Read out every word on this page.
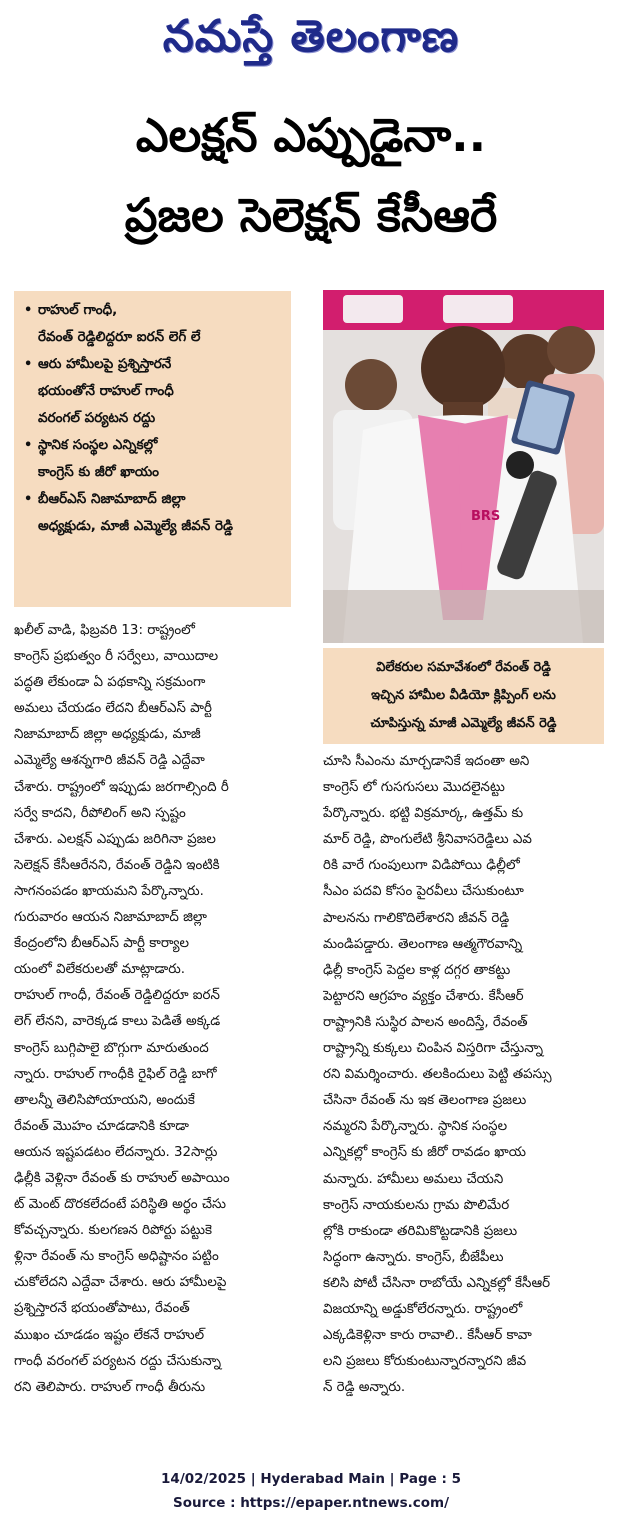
నమస్తే తెలంగాణ
ఎలక్షన్ ఎప్పుడైనా..
ప్రజల సెలెక్షన్ కేసీఆరే
• రాహుల్ గాంధీ,
రేవంత్ రెడ్డిలిద్దరూ ఐరన్ లెగ్ లే
• ఆరు హామీలపై ప్రశ్నిస్తారనే
భయంతోనే రాహుల్ గాంధీ
వరంగల్ పర్యటన రద్దు
• స్థానిక సంస్థల ఎన్నికల్లో
కాంగ్రెస్ కు జీరో ఖాయం
• బీఆర్ఎస్ నిజామాబాద్ జిల్లా
అధ్యక్షుడు, మాజీ ఎమ్మెల్యే జీవన్ రెడ్డి
BRS
విలేకరుల సమావేశంలో రేవంత్ రెడ్డి
ఇచ్చిన హామీల వీడియో క్లిప్పింగ్ లను
చూపిస్తున్న మాజీ ఎమ్మెల్యే జీవన్ రెడ్డి
ఖలీల్ వాడి, ఫిబ్రవరి 13: రాష్ట్రంలో
కాంగ్రెస్ ప్రభుత్వం రీ సర్వేలు, వాయిదాల
పద్ధతి లేకుండా ఏ పథకాన్ని సక్రమంగా
అమలు చేయడం లేదని బీఆర్ఎస్ పార్టీ
నిజామాబాద్ జిల్లా అధ్యక్షుడు, మాజీ
ఎమ్మెల్యే ఆశన్నగారి జీవన్ రెడ్డి ఎద్దేవా
చేశారు. రాష్ట్రంలో ఇప్పుడు జరగాల్సింది రీ
సర్వే కాదని, రీపోలింగ్ అని స్పష్టం
చేశారు. ఎలక్షన్ ఎప్పుడు జరిగినా ప్రజల
సెలెక్షన్ కేసీఆరేనని, రేవంత్ రెడ్డిని ఇంటికి
సాగనంపడం ఖాయమని పేర్కొన్నారు.
గురువారం ఆయన నిజామాబాద్ జిల్లా
కేంద్రంలోని బీఆర్ఎస్ పార్టీ కార్యాల
యంలో విలేకరులతో మాట్లాడారు.
రాహుల్ గాంధీ, రేవంత్ రెడ్డిలిద్దరూ ఐరన్
లెగ్ లేనని, వారెక్కడ కాలు పెడితే అక్కడ
కాంగ్రెస్ బుగ్గిపాలై బొగ్గుగా మారుతుంద
న్నారు. రాహుల్ గాంధీకి రైఫిల్ రెడ్డి బాగో
తాలన్నీ తెలిసిపోయాయని, అందుకే
రేవంత్ మొహం చూడడానికి కూడా
ఆయన ఇష్టపడటం లేదన్నారు. 32సార్లు
ఢిల్లీకి వెళ్లినా రేవంత్ కు రాహుల్ అపాయిం
ట్ మెంట్ దొరకలేదంటే పరిస్థితి అర్థం చేసు
కోవచ్చన్నారు. కులగణన రిపోర్టు పట్టుకె
ళ్లినా రేవంత్ ను కాంగ్రెస్ అధిష్టానం పట్టిం
చుకోలేదని ఎద్దేవా చేశారు. ఆరు హామీలపై
ప్రశ్నిస్తారనే భయంతోపాటు, రేవంత్
ముఖం చూడడం ఇష్టం లేకనే రాహుల్
గాంధీ వరంగల్ పర్యటన రద్దు చేసుకున్నా
రని తెలిపారు. రాహుల్ గాంధీ తీరును
చూసి సీఎంను మార్చడానికే ఇదంతా అని
కాంగ్రెస్ లో గుసగుసలు మొదలైనట్టు
పేర్కొన్నారు. భట్టి విక్రమార్క, ఉత్తమ్ కు
మార్ రెడ్డి, పొంగులేటి శ్రీనివాసరెడ్డిలు ఎవ
రికి వారే గుంపులుగా విడిపోయి ఢిల్లీలో
సీఎం పదవి కోసం పైరవీలు చేసుకుంటూ
పాలనను గాలికొదిలేశారని జీవన్ రెడ్డి
మండిపడ్డారు. తెలంగాణ ఆత్మగౌరవాన్ని
ఢిల్లీ కాంగ్రెస్ పెద్దల కాళ్ల దగ్గర తాకట్టు
పెట్టారని ఆగ్రహం వ్యక్తం చేశారు. కేసీఆర్
రాష్ట్రానికి సుస్థిర పాలన అందిస్తే, రేవంత్
రాష్ట్రాన్ని కుక్కలు చింపిన విస్తరిగా చేస్తున్నా
రని విమర్శించారు. తలకిందులు పెట్టి తపస్సు
చేసినా రేవంత్ ను ఇక తెలంగాణ ప్రజలు
నమ్మరని పేర్కొన్నారు. స్థానిక సంస్థల
ఎన్నికల్లో కాంగ్రెస్ కు జీరో రావడం ఖాయ
మన్నారు. హామీలు అమలు చేయని
కాంగ్రెస్ నాయకులను గ్రామ పొలిమేర
ల్లోకి రాకుండా తరిమికొట్టడానికి ప్రజలు
సిద్ధంగా ఉన్నారు. కాంగ్రెస్, బీజేపీలు
కలిసి పోటీ చేసినా రాబోయే ఎన్నికల్లో కేసీఆర్
విజయాన్ని అడ్డుకోలేరన్నారు. రాష్ట్రంలో
ఎక్కడికెళ్లినా కారు రావాలి.. కేసీఆర్ కావా
లని ప్రజలు కోరుకుంటున్నారన్నారని జీవ
న్ రెడ్డి అన్నారు.
14/02/2025 | Hyderabad Main | Page : 5
Source : https://epaper.ntnews.com/
